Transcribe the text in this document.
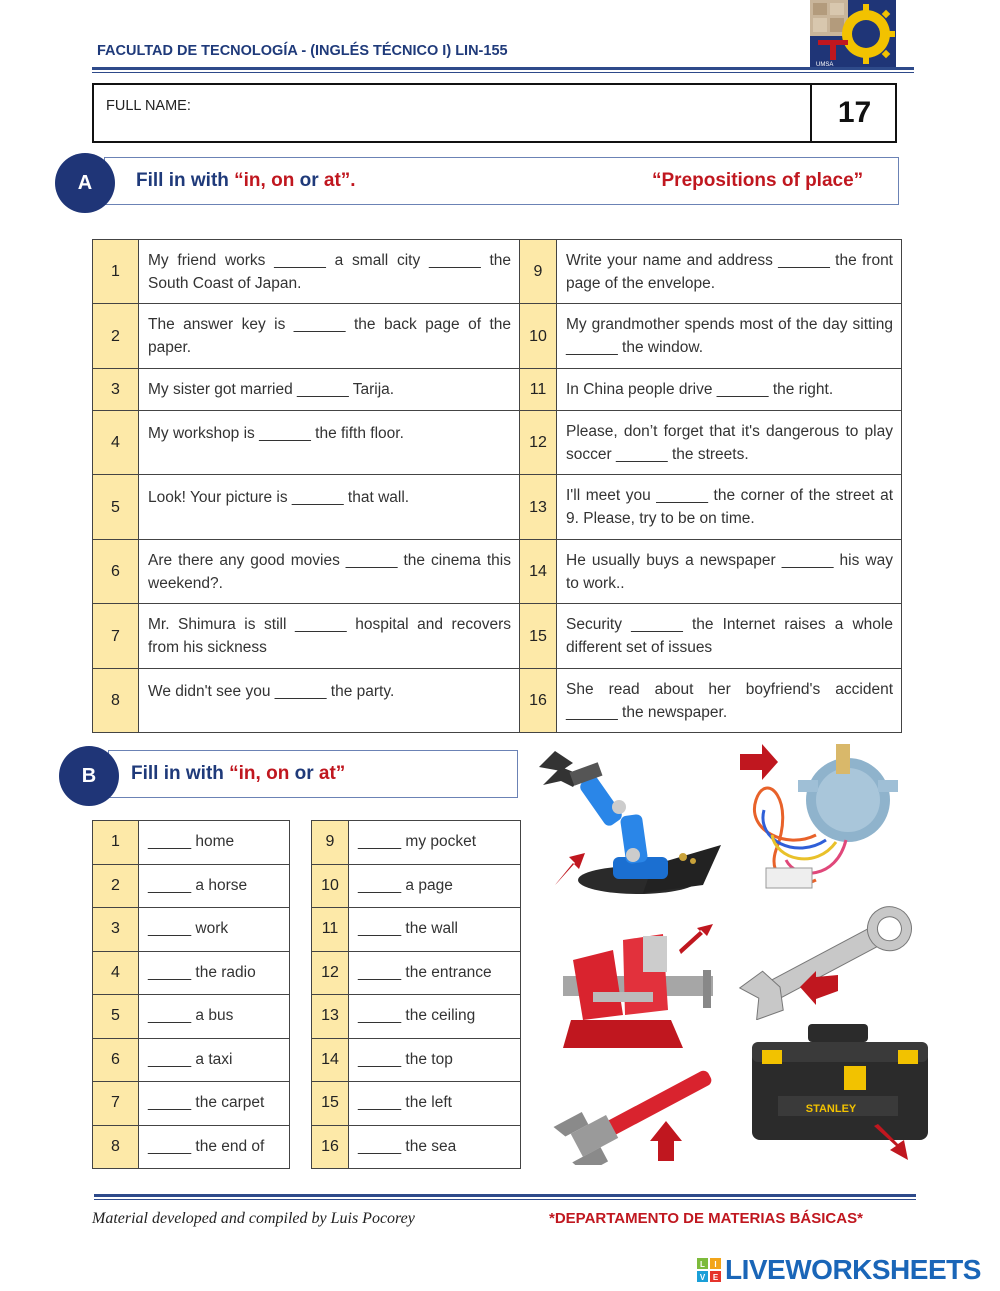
FACULTAD DE TECNOLOGÍA - (INGLÉS TÉCNICO I) LIN-155
UMSA
FULL NAME:	17
A	Fill in with “in, on or at”.	“Prepositions of place”
1	My friend works ______ a small city ______ the South Coast of Japan.	9	Write your name and address ______ the front page of the envelope.
2	The answer key is ______ the back page of the paper.	10	My grandmother spends most of the day sitting ______ the window.
3	My sister got married ______ Tarija.	11	In China people drive ______ the right.
4	My workshop is ______ the fifth floor.	12	Please, don’t forget that it's dangerous to play soccer ______ the streets.
5	Look! Your picture is ______ that wall.	13	I'll meet you ______ the corner of the street at 9. Please, try to be on time.
6	Are there any good movies ______ the cinema this weekend?.	14	He usually buys a newspaper ______ his way to work..
7	Mr. Shimura is still ______ hospital and recovers from his sickness	15	Security ______ the Internet raises a whole different set of issues
8	We didn't see you ______ the party.	16	She read about her boyfriend's accident ______ the newspaper.
B	Fill in with “in, on or at”
1	_____ home
2	_____ a horse
3	_____ work
4	_____ the radio
5	_____ a bus
6	_____ a taxi
7	_____ the carpet
8	_____ the end of
9	_____ my pocket
10	_____ a page
11	_____ the wall
12	_____ the entrance
13	_____ the ceiling
14	_____ the top
15	_____ the left
16	_____ the sea
STANLEY
Material developed and compiled by Luis Pocorey	*DEPARTAMENTO DE MATERIAS BÁSICAS*
L I
V E LIVEWORKSHEETS
